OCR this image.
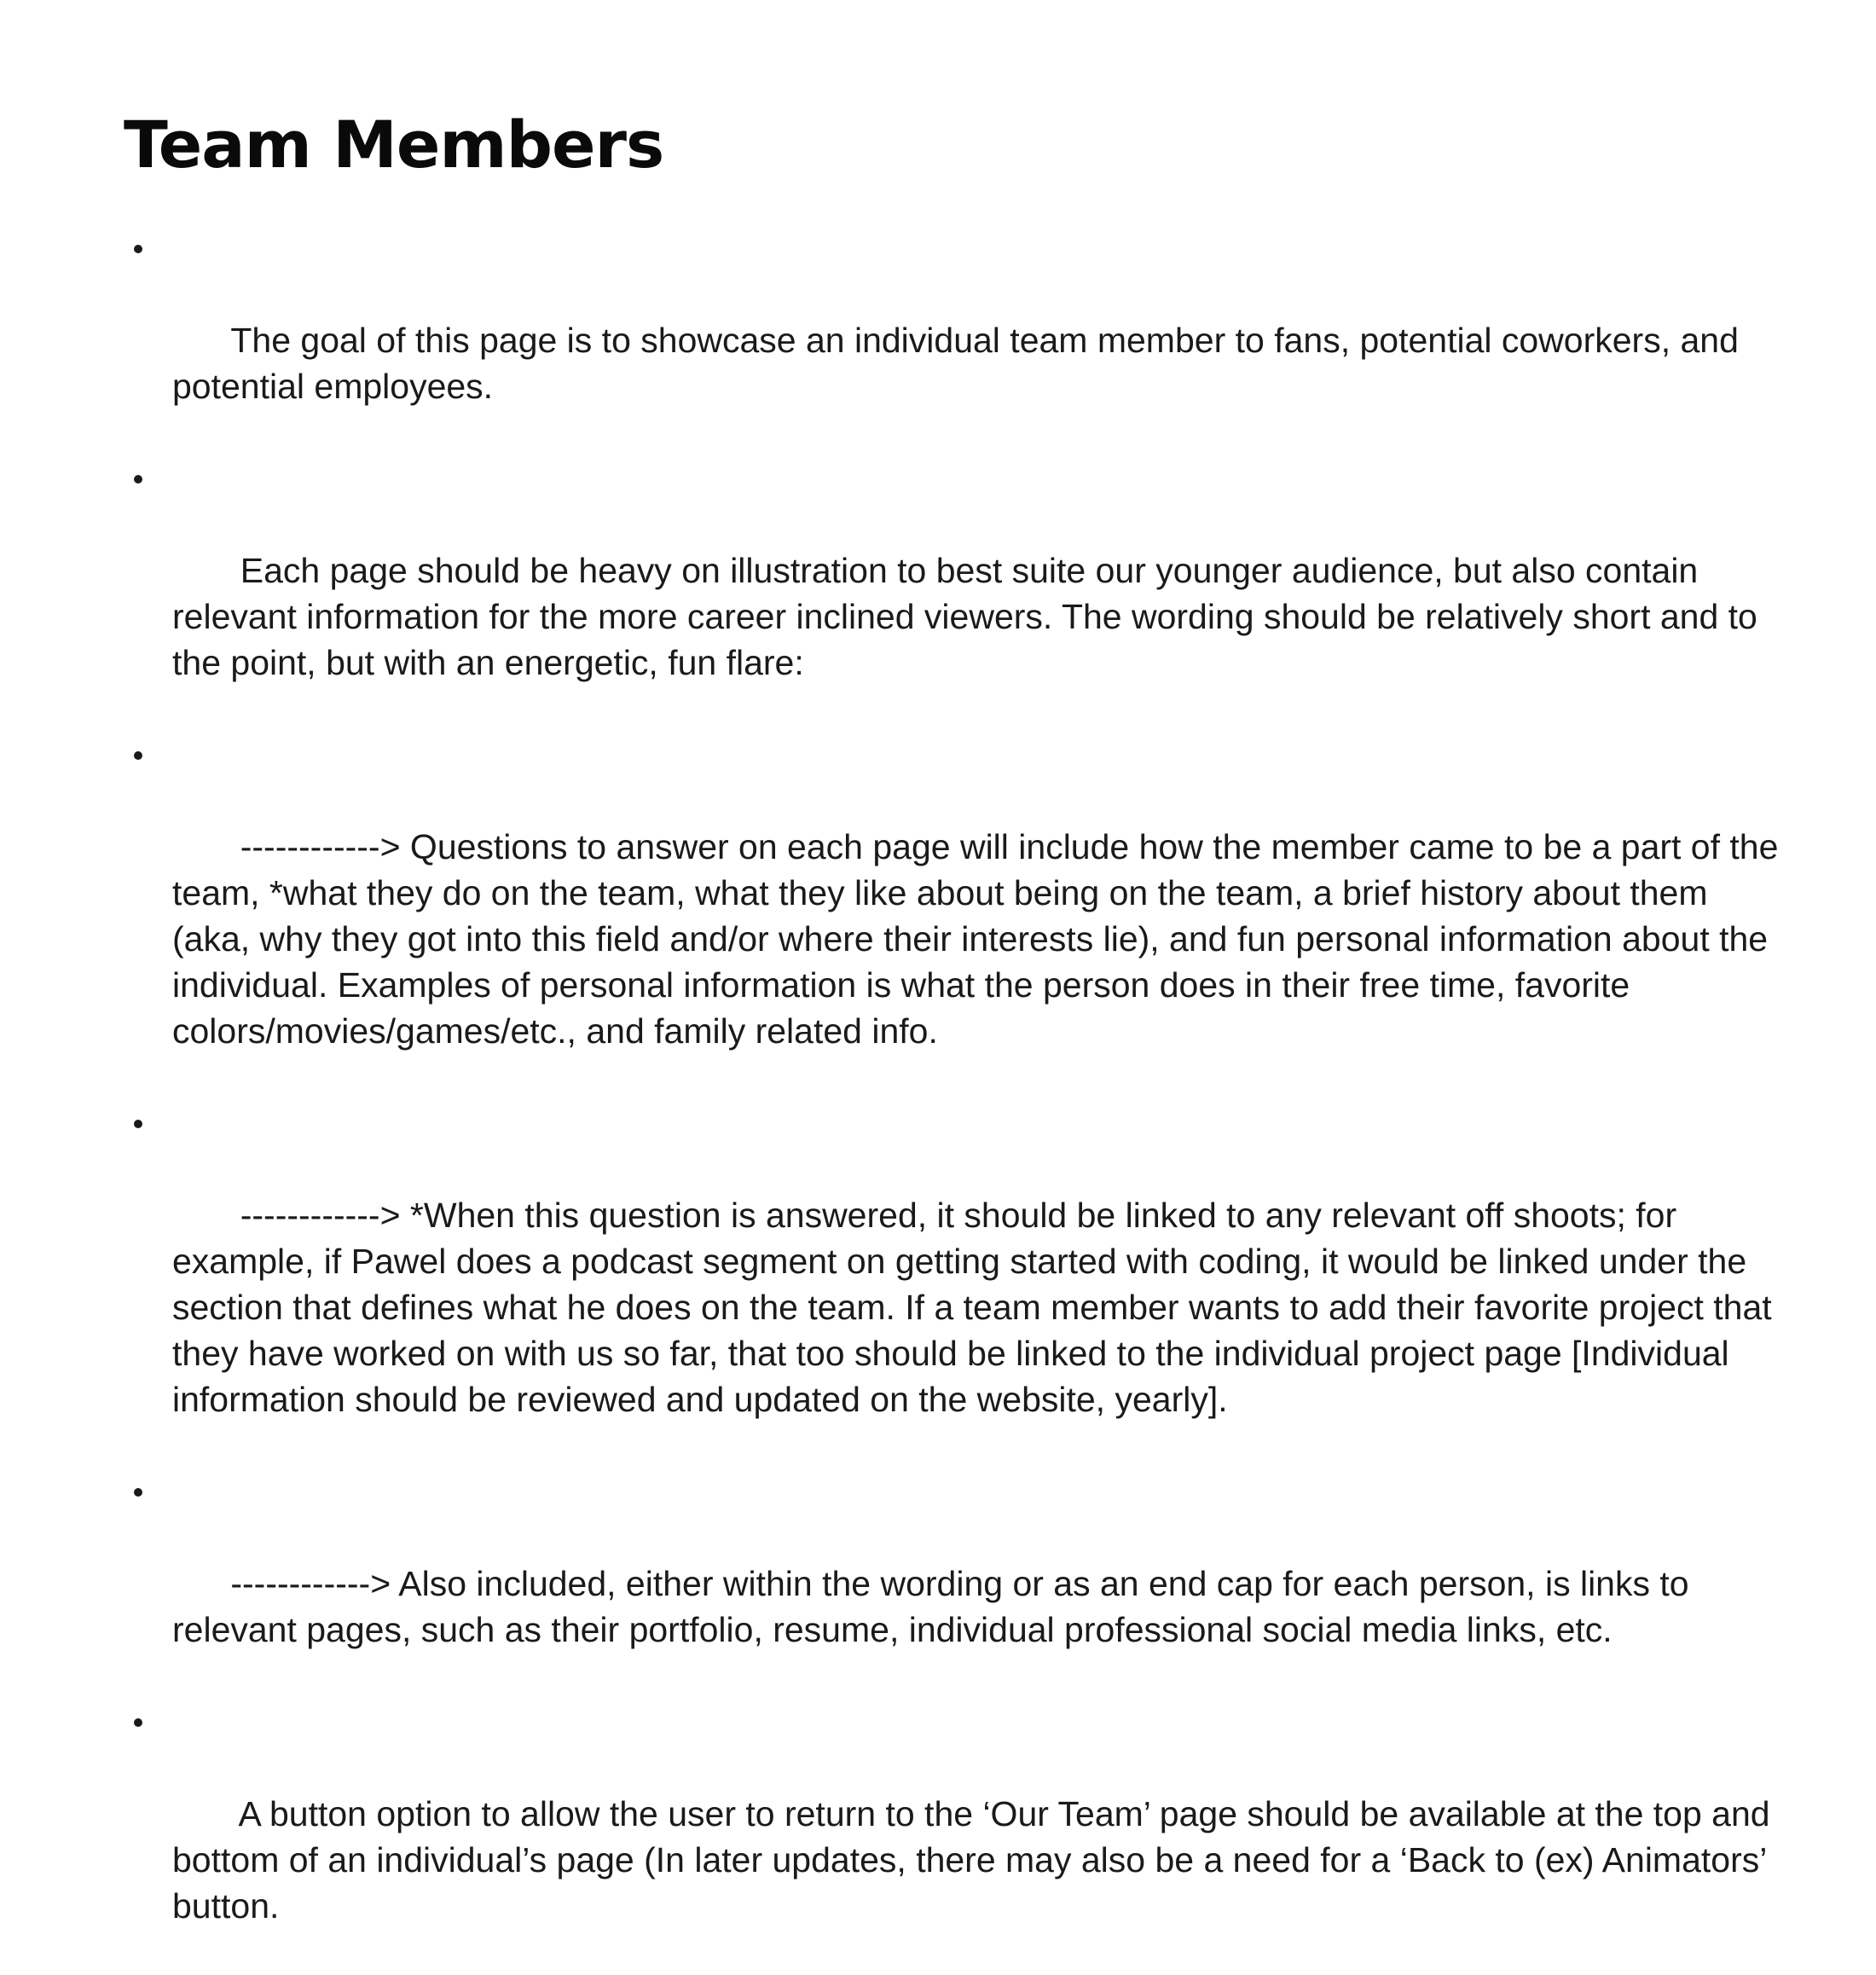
Team Members

The goal of this page is to showcase an individual team member to fans, potential coworkers, and potential employees.

Each page should be heavy on illustration to best suite our younger audience, but also contain relevant information for the more career inclined viewers. The wording should be relatively short and to the point, but with an energetic, fun flare:

------------> Questions to answer on each page will include how the member came to be a part of the team, *what they do on the team, what they like about being on the team, a brief history about them (aka, why they got into this field and/or where their interests lie), and fun personal information about the individual. Examples of personal information is what the person does in their free time, favorite colors/movies/games/etc., and family related info.

------------> *When this question is answered, it should be linked to any relevant off shoots; for example, if Pawel does a podcast segment on getting started with coding, it would be linked under the section that defines what he does on the team. If a team member wants to add their favorite project that they have worked on with us so far, that too should be linked to the individual project page [Individual information should be reviewed and updated on the website, yearly].

------------> Also included, either within the wording or as an end cap for each person, is links to relevant pages, such as their portfolio, resume, individual professional social media links, etc.

A button option to allow the user to return to the ‘Our Team’ page should be available at the top and bottom of an individual’s page (In later updates, there may also be a need for a ‘Back to (ex) Animators’ button.
